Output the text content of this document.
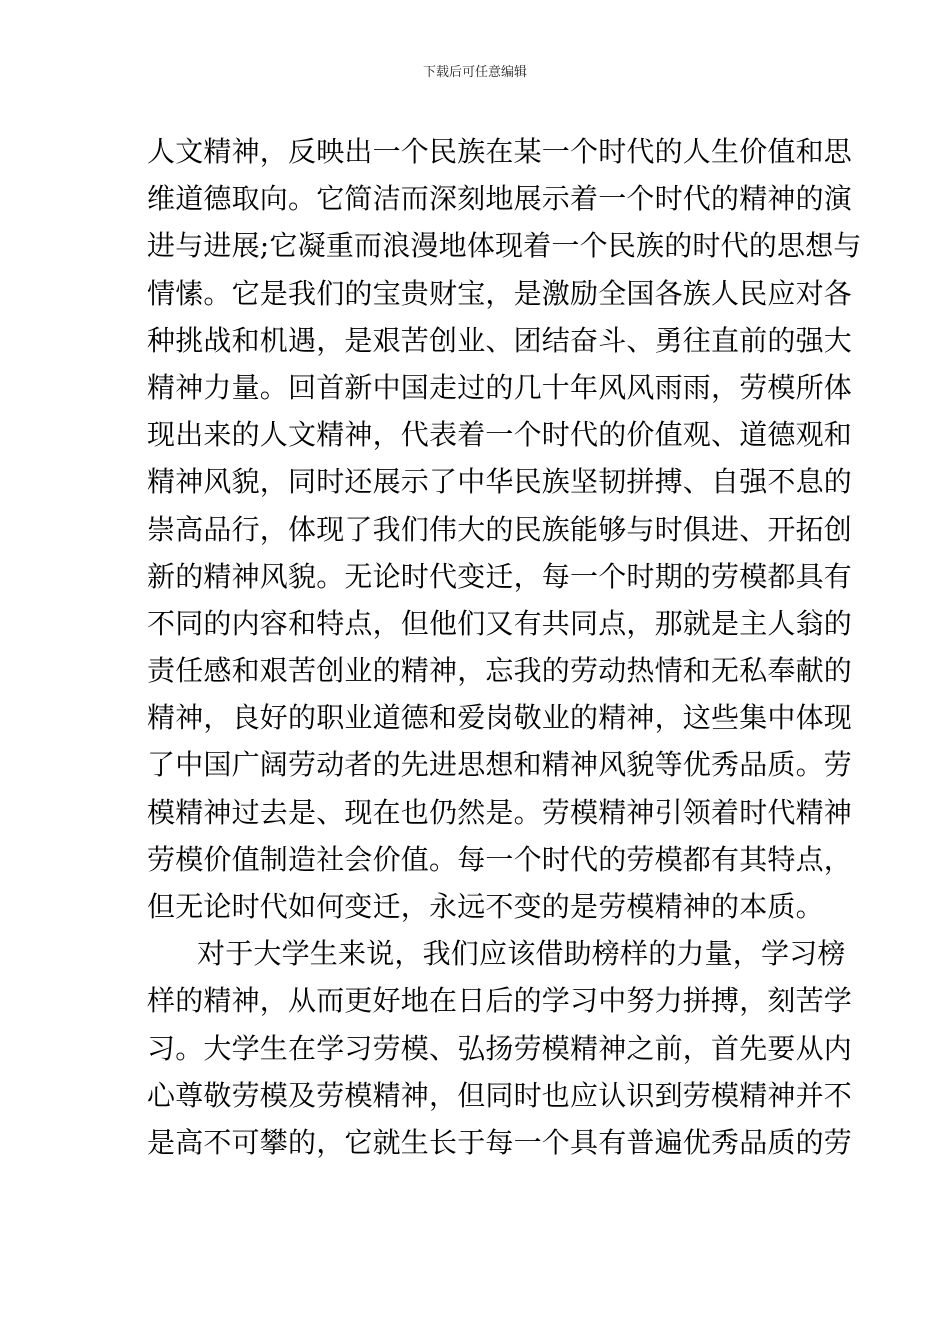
下载后可任意编辑
人文精神，反映出一个民族在某一个时代的人生价值和思
维道德取向。它简洁而深刻地展示着一个时代的精神的演
进与进展;它凝重而浪漫地体现着一个民族的时代的思想与
情愫。它是我们的宝贵财宝，是激励全国各族人民应对各
种挑战和机遇，是艰苦创业、团结奋斗、勇往直前的强大
精神力量。回首新中国走过的几十年风风雨雨，劳模所体
现出来的人文精神，代表着一个时代的价值观、道德观和
精神风貌，同时还展示了中华民族坚韧拼搏、自强不息的
崇高品行，体现了我们伟大的民族能够与时俱进、开拓创
新的精神风貌。无论时代变迁，每一个时期的劳模都具有
不同的内容和特点，但他们又有共同点，那就是主人翁的
责任感和艰苦创业的精神，忘我的劳动热情和无私奉献的
精神，良好的职业道德和爱岗敬业的精神，这些集中体现
了中国广阔劳动者的先进思想和精神风貌等优秀品质。劳
模精神过去是、现在也仍然是。劳模精神引领着时代精神
劳模价值制造社会价值。每一个时代的劳模都有其特点，
但无论时代如何变迁，永远不变的是劳模精神的本质。
对于大学生来说，我们应该借助榜样的力量，学习榜
样的精神，从而更好地在日后的学习中努力拼搏，刻苦学
习。大学生在学习劳模、弘扬劳模精神之前，首先要从内
心尊敬劳模及劳模精神，但同时也应认识到劳模精神并不
是高不可攀的，它就生长于每一个具有普遍优秀品质的劳
